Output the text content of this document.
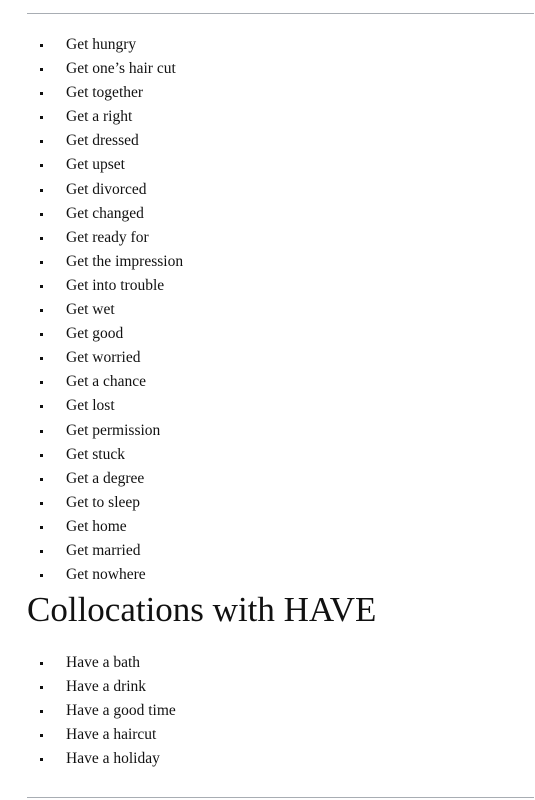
Get hungry
Get one’s hair cut
Get together
Get a right
Get dressed
Get upset
Get divorced
Get changed
Get ready for
Get the impression
Get into trouble
Get wet
Get good
Get worried
Get a chance
Get lost
Get permission
Get stuck
Get a degree
Get to sleep
Get home
Get married
Get nowhere
Collocations with HAVE
Have a bath
Have a drink
Have a good time
Have a haircut
Have a holiday
